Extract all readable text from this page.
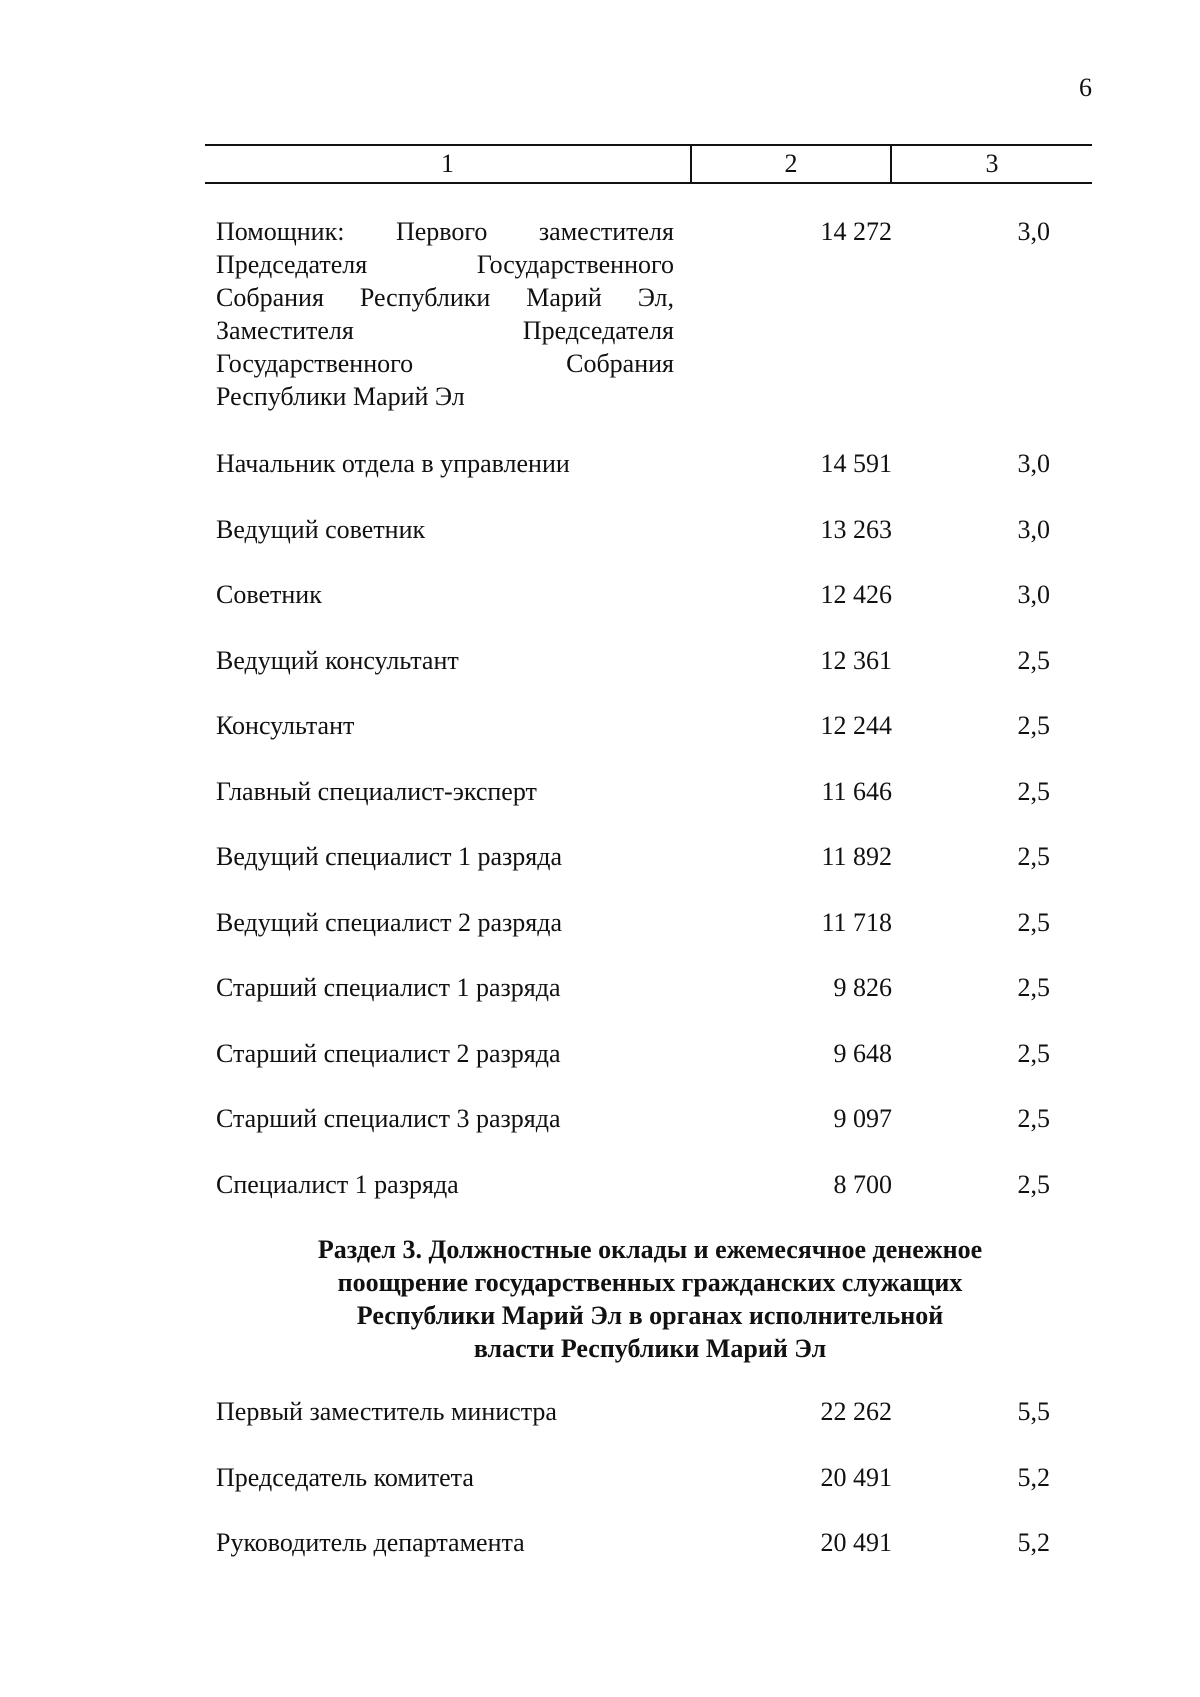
6
1	2	3
Помощник: Первого заместителя
Председателя Государственного
Собрания Республики Марий Эл,
Заместителя Председателя
Государственного Собрания
Республики Марий Эл
14 272	3,0
Начальник отдела в управлении	14 591	3,0
Ведущий советник	13 263	3,0
Советник	12 426	3,0
Ведущий консультант	12 361	2,5
Консультант	12 244	2,5
Главный специалист-эксперт	11 646	2,5
Ведущий специалист 1 разряда	11 892	2,5
Ведущий специалист 2 разряда	11 718	2,5
Старший специалист 1 разряда	9 826	2,5
Старший специалист 2 разряда	9 648	2,5
Старший специалист 3 разряда	9 097	2,5
Специалист 1 разряда	8 700	2,5
Раздел 3. Должностные оклады и ежемесячное денежное
поощрение государственных гражданских служащих
Республики Марий Эл в органах исполнительной
власти Республики Марий Эл
Первый заместитель министра	22 262	5,5
Председатель комитета	20 491	5,2
Руководитель департамента	20 491	5,2
